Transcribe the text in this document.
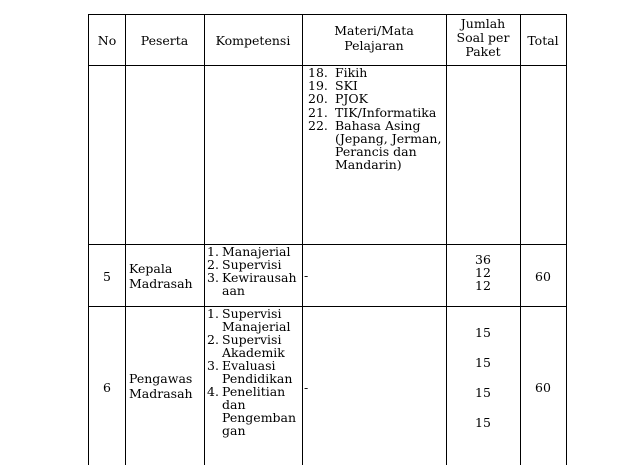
No	Peserta	Kompetensi
Materi/Mata
Pelajaran
Jumlah
Soal per
Paket
Total
18. Fikih
19. SKI
20. PJOK
21. TIK/Informatika
22. Bahasa Asing
(Jepang, Jerman,
Perancis dan
Mandarin)
5
Kepala
Madrasah
1. Manajerial
2. Supervisi
3. Kewirausah
aan
-
36
12
12
60
6
Pengawas
Madrasah
1. Supervisi
Manajerial
2. Supervisi
Akademik
3. Evaluasi
Pendidikan
4. Penelitian
dan
Pengemban
gan
-
15
15
15
15
60
